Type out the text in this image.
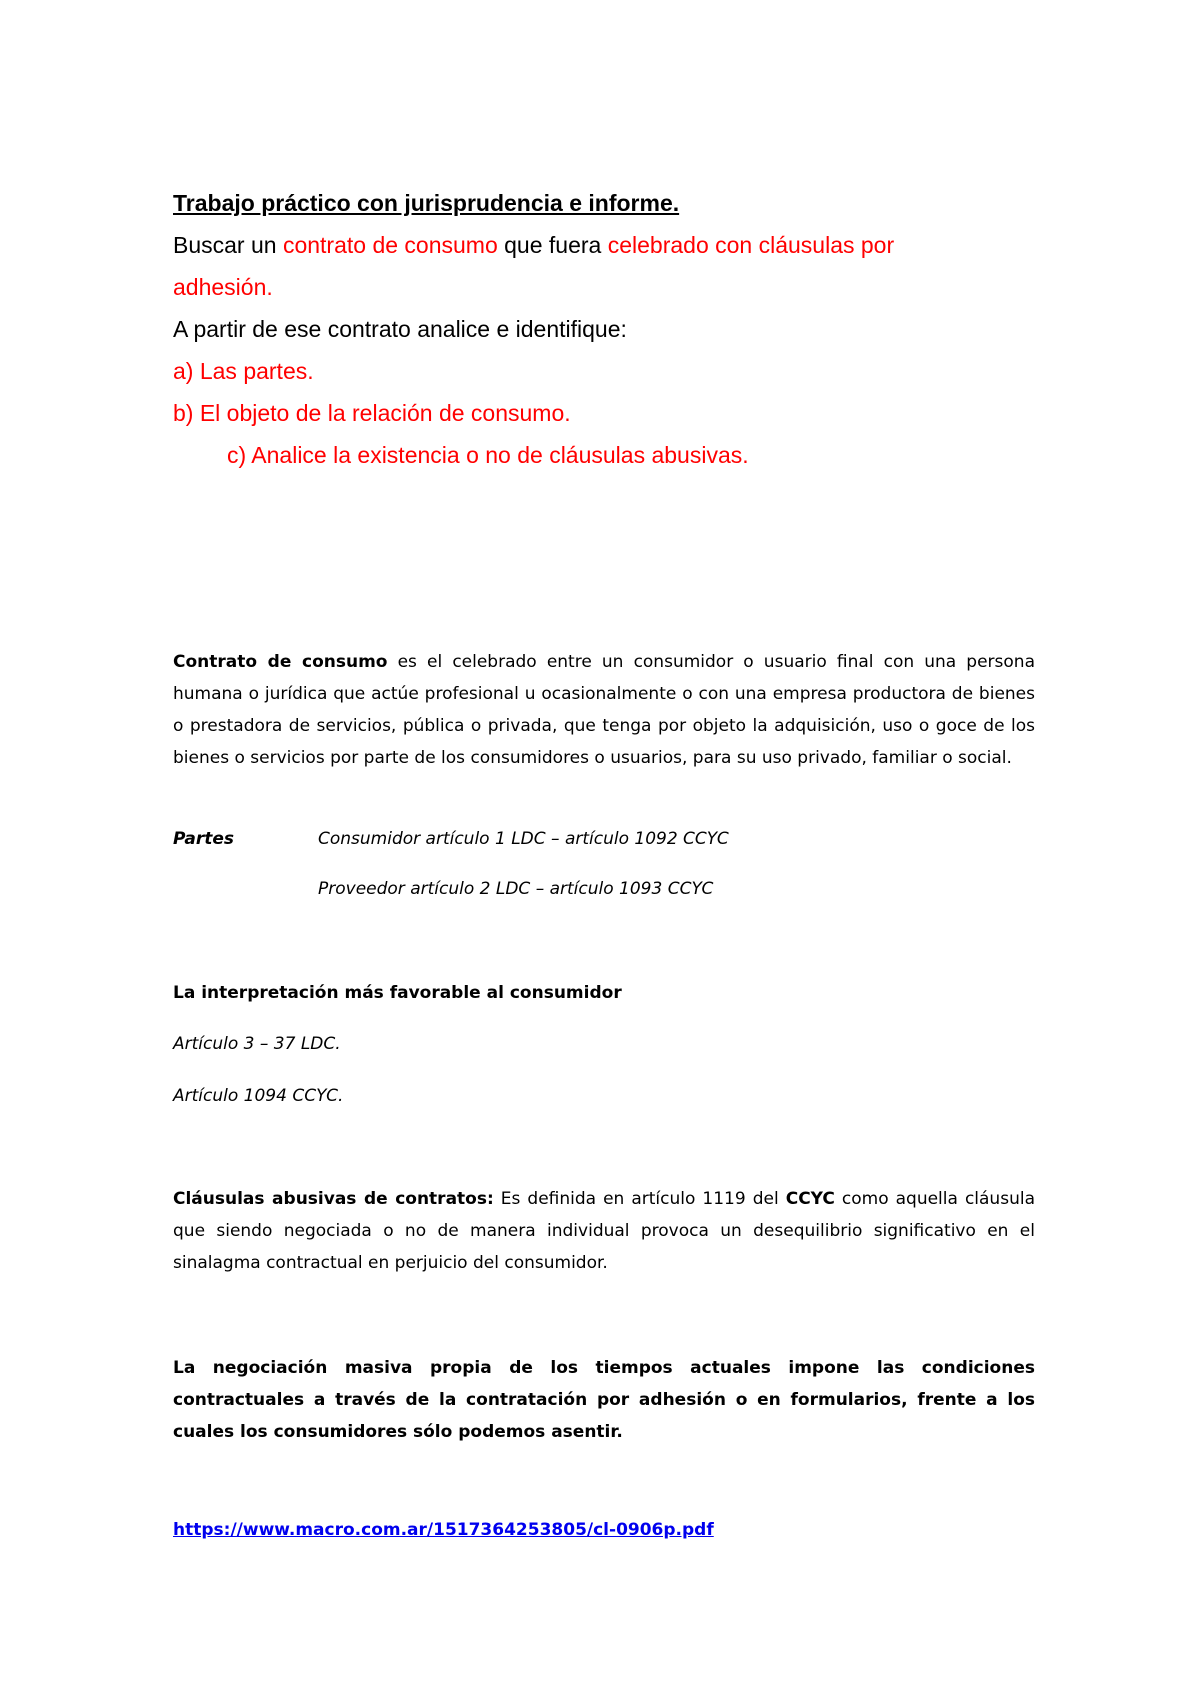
Trabajo práctico con jurisprudencia e informe.
Buscar un contrato de consumo que fuera celebrado con cláusulas por
adhesión.
A partir de ese contrato analice e identifique:
a) Las partes.
b) El objeto de la relación de consumo.
c) Analice la existencia o no de cláusulas abusivas.
Contrato de consumo es el celebrado entre un consumidor o usuario final con una persona humana o jurídica que actúe profesional u ocasionalmente o con una empresa productora de bienes o prestadora de servicios, pública o privada, que tenga por objeto la adquisición, uso o goce de los bienes o servicios por parte de los consumidores o usuarios, para su uso privado, familiar o social.
Partes	Consumidor artículo 1 LDC – artículo 1092 CCYC
Proveedor artículo 2 LDC – artículo 1093 CCYC
La interpretación más favorable al consumidor
Artículo 3 – 37 LDC.
Artículo 1094 CCYC.
Cláusulas abusivas de contratos: Es definida en artículo 1119 del CCYC como aquella cláusula que siendo negociada o no de manera individual provoca un desequilibrio significativo en el sinalagma contractual en perjuicio del consumidor.
La negociación masiva propia de los tiempos actuales impone las condiciones contractuales a través de la contratación por adhesión o en formularios, frente a los cuales los consumidores sólo podemos asentir.
https://www.macro.com.ar/1517364253805/cl-0906p.pdf
